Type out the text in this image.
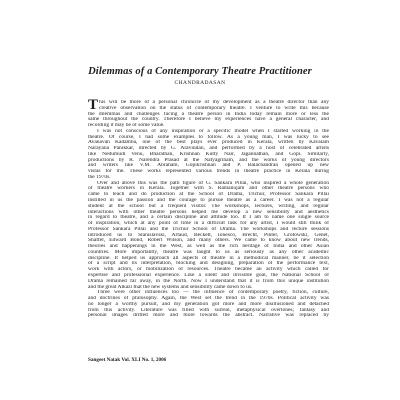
Dilemmas of a Contemporary Theatre Practitioner
CHANDRADASAN
T his will be more of a personal chronicle of my development as a theatre director than any
creative observation on the status of contemporary theatre. I venture to write this because
the dilemmas and challenges facing a theatre person in India today remain more or less the
same throughout the country. Therefore I believe my experiences have a general character, and
recording it may be of some value.
I was not conscious of any inspiration or a specific model when I started working in the
theatre. Of course, I had some examples to follow. As a young man, I was lucky to see
Avanavan Kadamba, one of the best plays ever produced in Kerala, written by Kavalam
Narayana Panikkar, directed by G. Aravindan, and performed by a host of celebrated artists
like Nedumudi Venu, Bharathan, Krishnan Kutty Nair, Jagannathan, and Gopi. Similarly,
productions by R. Narendra Prasad at the Natyagriham, and the works of young directors
and writers like V.M. Abraham, Gopikrishnan and P. Balachandran opened up new
vistas for me. These works represented various trends in theatre practice in Kerala during
the 1970s.
Over and above this was the path figure of G. Sankara Pillai, who inspired a whole generation
of theatre workers in Kerala. Together with S. Ramanujam and other theatre persons who
came to teach and do production at the School of Drama, Trichur, Professor Sankara Pillai
instilled in us the passion and the courage to pursue theatre as a career. I was not a regular
student at the school but a frequent visitor. The workshops, lectures, writing, and regular
interactions with other theatre persons helped me develop a new sensibility and aesthetics
in regard to theatre, and a certain discipline and attitude too. If I am to name one single source
of inspiration, which at any point of time in a difficult task for any artist, I would still think of
Professor Sankara Pillai and the Trichur School of Drama. The workshops and lecture sessions
introduced us to Stanislavski, Artaud, Beckett, Ionesco, Brecht, Pinter, Grotowski, Genet,
Shaffer, Edward Bond, Robert Wilson, and many others. We came to know about new trends,
theories and happenings in the West, as well as the rich heritage of India and other Asian
countries. More importantly, theatre was taught to us as seriously as any other academic
discipline. It helped us approach all aspects of theatre in a methodical manner, be it selection
of a script and its interpretation, blocking and designing, preparation of the performance text,
work with actors, or mobilization of resources. Theatre became an activity which called for
expertise and professional experience. Like a silent and invisible goal, the National School of
Drama remained far away, in the North. Now I understand that it is from this unique institution
and the great Alkazi that the new systems and sensibility came down to us.
Three were other influences too — the influence of contemporary poetry, fiction, culture,
and doctrines of philosophy. Again, the West set the trend in the 1970s. Political activity was
no longer a worthy pursuit, and my generation got more and more disillusioned and detached
from this activity. Literature was filled with surreal, metaphysical overtones; fantasy and
personal images drifted more and more towards the abstract. Narrative was replaced by
Sangeet Natak Vol. XLI No. 1, 2006
